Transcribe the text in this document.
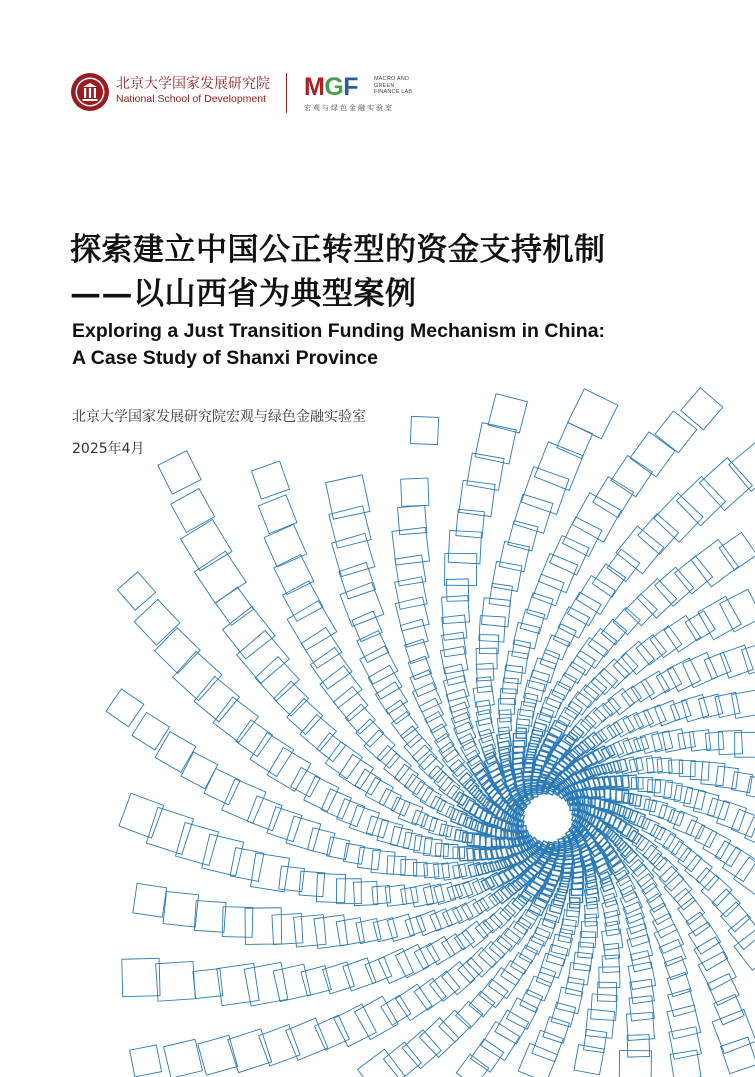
北京大学国家发展研究院
National School of Development MGF	MACRO AND
GREEN
FINANCE LAB
宏观与绿色金融实验室
探索建立中国公正转型的资金支持机制
——以山西省为典型案例
Exploring a Just Transition Funding Mechanism in China:
A Case Study of Shanxi Province
北京大学国家发展研究院宏观与绿色金融实验室
2025年4月
